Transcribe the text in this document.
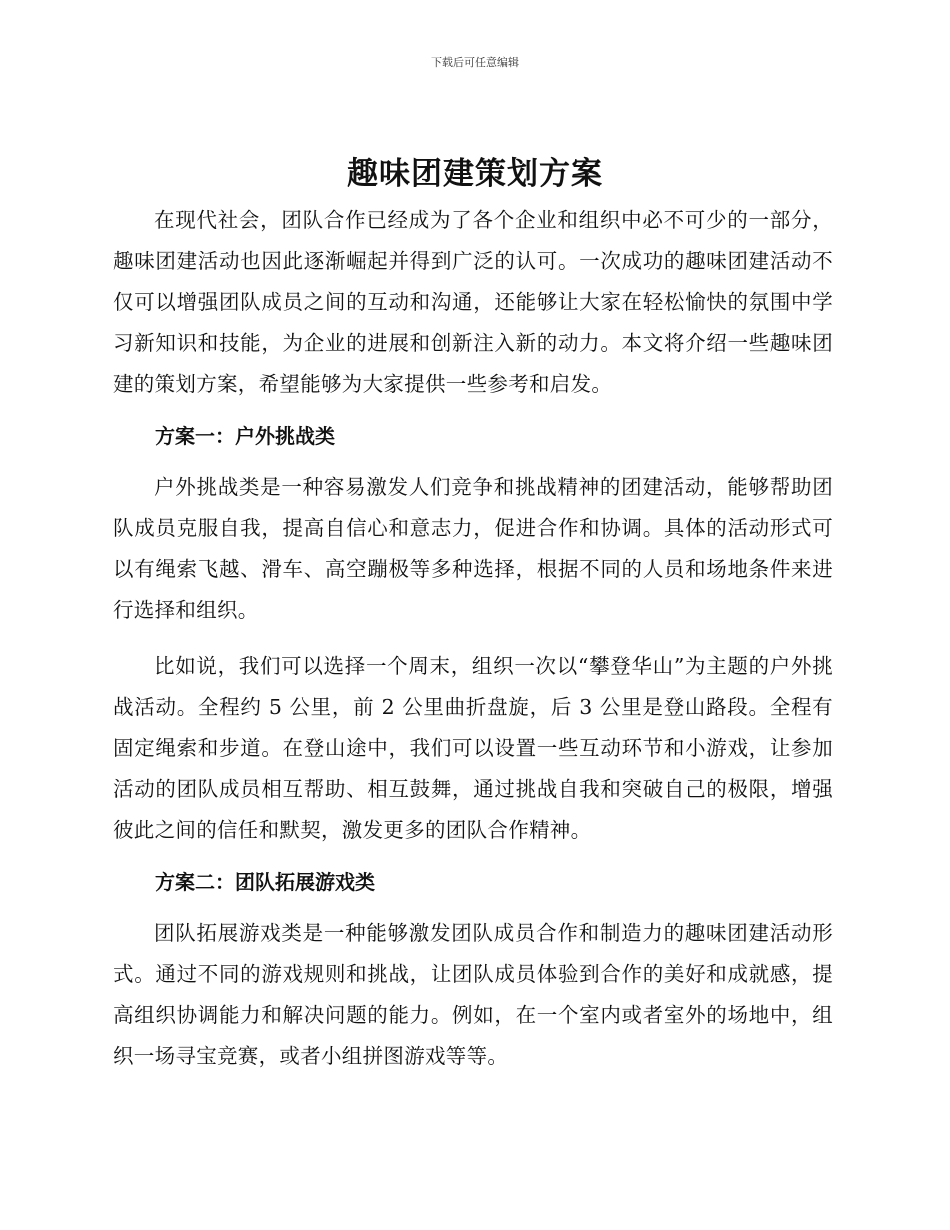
下载后可任意编辑
趣味团建策划方案

在现代社会，团队合作已经成为了各个企业和组织中必不可少的一部分，趣味团建活动也因此逐渐崛起并得到广泛的认可。一次成功的趣味团建活动不仅可以增强团队成员之间的互动和沟通，还能够让大家在轻松愉快的氛围中学习新知识和技能，为企业的进展和创新注入新的动力。本文将介绍一些趣味团建的策划方案，希望能够为大家提供一些参考和启发。

方案一：户外挑战类

户外挑战类是一种容易激发人们竞争和挑战精神的团建活动，能够帮助团队成员克服自我，提高自信心和意志力，促进合作和协调。具体的活动形式可以有绳索飞越、滑车、高空蹦极等多种选择，根据不同的人员和场地条件来进行选择和组织。

比如说，我们可以选择一个周末，组织一次以“攀登华山”为主题的户外挑战活动。全程约 5 公里，前 2 公里曲折盘旋，后 3 公里是登山路段。全程有固定绳索和步道。在登山途中，我们可以设置一些互动环节和小游戏，让参加活动的团队成员相互帮助、相互鼓舞，通过挑战自我和突破自己的极限，增强彼此之间的信任和默契，激发更多的团队合作精神。

方案二：团队拓展游戏类

团队拓展游戏类是一种能够激发团队成员合作和制造力的趣味团建活动形式。通过不同的游戏规则和挑战，让团队成员体验到合作的美好和成就感，提高组织协调能力和解决问题的能力。例如，在一个室内或者室外的场地中，组织一场寻宝竞赛，或者小组拼图游戏等等。
